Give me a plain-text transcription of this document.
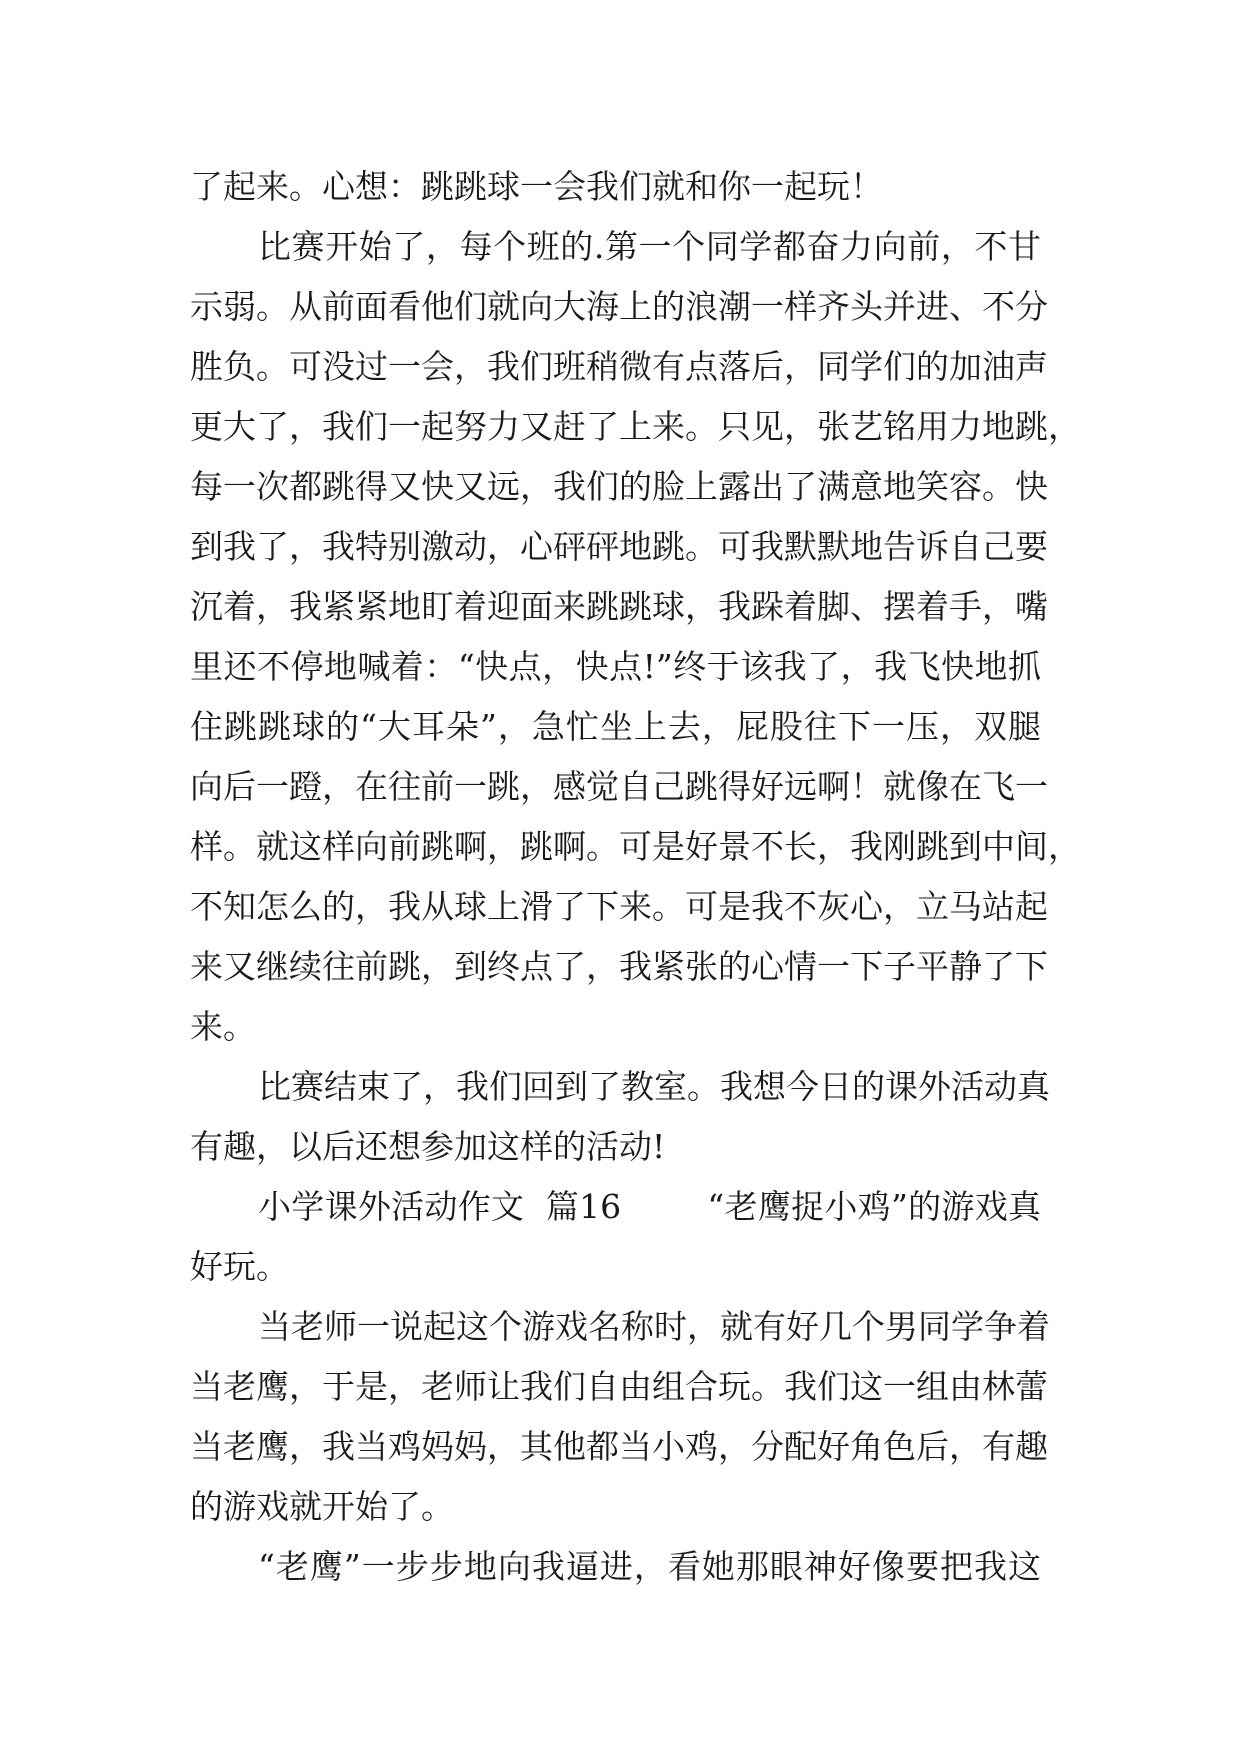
了起来。心想：跳跳球一会我们就和你一起玩！
比赛开始了，每个班的.第一个同学都奋力向前，不甘
示弱。从前面看他们就向大海上的浪潮一样齐头并进、不分
胜负。可没过一会，我们班稍微有点落后，同学们的加油声
更大了，我们一起努力又赶了上来。只见，张艺铭用力地跳，
每一次都跳得又快又远，我们的脸上露出了满意地笑容。快
到我了，我特别激动，心砰砰地跳。可我默默地告诉自己要
沉着，我紧紧地盯着迎面来跳跳球，我跺着脚、摆着手，嘴
里还不停地喊着：“快点，快点!”终于该我了，我飞快地抓
住跳跳球的“大耳朵”，急忙坐上去，屁股往下一压，双腿
向后一蹬，在往前一跳，感觉自己跳得好远啊！就像在飞一
样。就这样向前跳啊，跳啊。可是好景不长，我刚跳到中间，
不知怎么的，我从球上滑了下来。可是我不灰心，立马站起
来又继续往前跳，到终点了，我紧张的心情一下子平静了下
来。
比赛结束了，我们回到了教室。我想今日的课外活动真
有趣，以后还想参加这样的活动!
小学课外活动作文  篇16        “老鹰捉小鸡”的游戏真
好玩。
当老师一说起这个游戏名称时，就有好几个男同学争着
当老鹰，于是，老师让我们自由组合玩。我们这一组由林蕾
当老鹰，我当鸡妈妈，其他都当小鸡，分配好角色后，有趣
的游戏就开始了。
“老鹰”一步步地向我逼进，看她那眼神好像要把我这
